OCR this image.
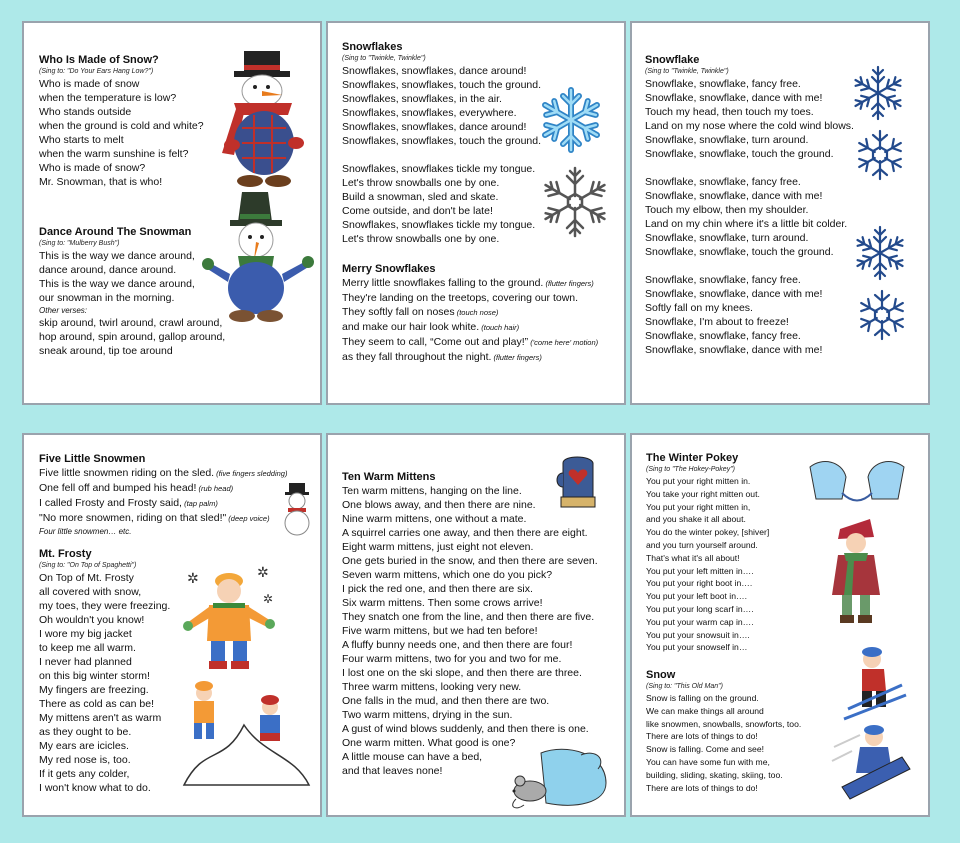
Who Is Made of Snow?

(Sing to: "Do Your Ears Hang Low?")

Who is made of snow

when the temperature is low?

Who stands outside

when the ground is cold and white?

Who starts to melt

when the warm sunshine is felt?

Who is made of snow?

Mr. Snowman, that is who!

Dance Around The Snowman

(Sing to: "Mulberry Bush")

This is the way we dance around,

dance around, dance around.

This is the way we dance around,

our snowman in the morning.

Other verses:

skip around, twirl around, crawl around,

hop around, spin around, gallop around,

sneak around, tip toe around

Snowflakes

(Sing to "Twinkle, Twinkle")

Snowflakes, snowflakes, dance around!

Snowflakes, snowflakes, touch the ground.

Snowflakes, snowflakes, in the air.

Snowflakes, snowflakes, everywhere.

Snowflakes, snowflakes, dance around!

Snowflakes, snowflakes, touch the ground.

Snowflakes, snowflakes tickle my tongue.

Let's throw snowballs one by one.

Build a snowman, sled and skate.

Come outside, and don't be late!

Snowflakes, snowflakes tickle my tongue.

Let's throw snowballs one by one.

Merry Snowflakes

Merry little snowflakes falling to the ground. (flutter fingers)

They're landing on the treetops, covering our town.

They softly fall on noses (touch nose)

and make our hair look white. (touch hair)

They seem to call, “Come out and play!” ('come here' motion)

as they fall throughout the night. (flutter fingers)

Snowflake

(Sing to "Twinkle, Twinkle")

Snowflake, snowflake, fancy free.

Snowflake, snowflake, dance with me!

Touch my head, then touch my toes.

Land on my nose where the cold wind blows.

Snowflake, snowflake, turn around.

Snowflake, snowflake, touch the ground.

Snowflake, snowflake, fancy free.

Snowflake, snowflake, dance with me!

Touch my elbow, then my shoulder.

Land on my chin where it's a little bit colder.

Snowflake, snowflake, turn around.

Snowflake, snowflake, touch the ground.

Snowflake, snowflake, fancy free.

Snowflake, snowflake, dance with me!

Softly fall on my knees.

Snowflake, I'm about to freeze!

Snowflake, snowflake, fancy free.

Snowflake, snowflake, dance with me!

Five Little Snowmen

Five little snowmen riding on the sled. (five fingers sledding)

One fell off and bumped his head! (rub head)

I called Frosty and Frosty said, (tap palm)

"No more snowmen, riding on that sled!" (deep voice)

Four little snowmen… etc.

Mt. Frosty

(Sing to: "On Top of Spaghetti")

On Top of Mt. Frosty

all covered with snow,

my toes, they were freezing.

Oh wouldn't you know!

I wore my big jacket

to keep me all warm.

I never had planned

on this big winter storm!

My fingers are freezing.

There as cold as can be!

My mittens aren't as warm

as they ought to be.

My ears are icicles.

My red nose is, too.

If it gets any colder,

I won't know what to do.

✲	✲
✲

Ten Warm Mittens

Ten warm mittens, hanging on the line.

One blows away, and then there are nine.

Nine warm mittens, one without a mate.

A squirrel carries one away, and then there are eight.

Eight warm mittens, just eight not eleven.

One gets buried in the snow, and then there are seven.

Seven warm mittens, which one do you pick?

I pick the red one, and then there are six.

Six warm mittens. Then some crows arrive!

They snatch one from the line, and then there are five.

Five warm mittens, but we had ten before!

A fluffy bunny needs one, and then there are four!

Four warm mittens, two for you and two for me.

I lost one on the ski slope, and then there are three.

Three warm mittens, looking very new.

One falls in the mud, and then there are two.

Two warm mittens, drying in the sun.

A gust of wind blows suddenly, and then there is one.

One warm mitten. What good is one?

A little mouse can have a bed,

and that leaves none!

The Winter Pokey

(Sing to "The Hokey-Pokey")

You put your right mitten in.

You take your right mitten out.

You put your right mitten in,

and you shake it all about.

You do the winter pokey, [shiver]

and you turn yourself around.

That's what it's all about!

You put your left mitten in….

You put your right boot in….

You put your left boot in….

You put your long scarf in….

You put your warm cap in….

You put your snowsuit in….

You put your snowself in…

Snow

(Sing to: "This Old Man")

Snow is falling on the ground.

We can make things all around

like snowmen, snowballs, snowforts, too.

There are lots of things to do!

Snow is falling. Come and see!

You can have some fun with me,

building, sliding, skating, skiing, too.

There are lots of things to do!
